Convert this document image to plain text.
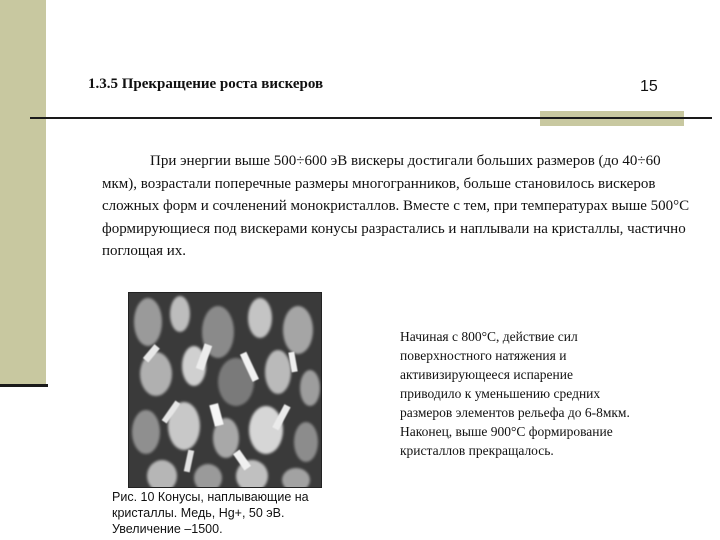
1.3.5 Прекращение роста вискеров	15

При энергии выше 500÷600 эВ вискеры достигали больших размеров (до 40÷60 мкм), возрастали поперечные размеры многогранников, больше становилось вискеров сложных форм и сочленений монокристаллов. Вместе с тем, при температурах выше 500°С формирующиеся под вискерами конусы разрастались и наплывали на кристаллы, частично поглощая их.

Рис. 10 Конусы, наплывающие на кристаллы. Медь, Hg+, 50 эВ. Увеличение –1500.

Начиная с 800°С, действие сил поверхностного натяжения и активизирующееся испарение приводило к уменьшению средних размеров элементов рельефа до 6-8мкм. Наконец, выше 900°С формирование кристаллов прекращалось.
